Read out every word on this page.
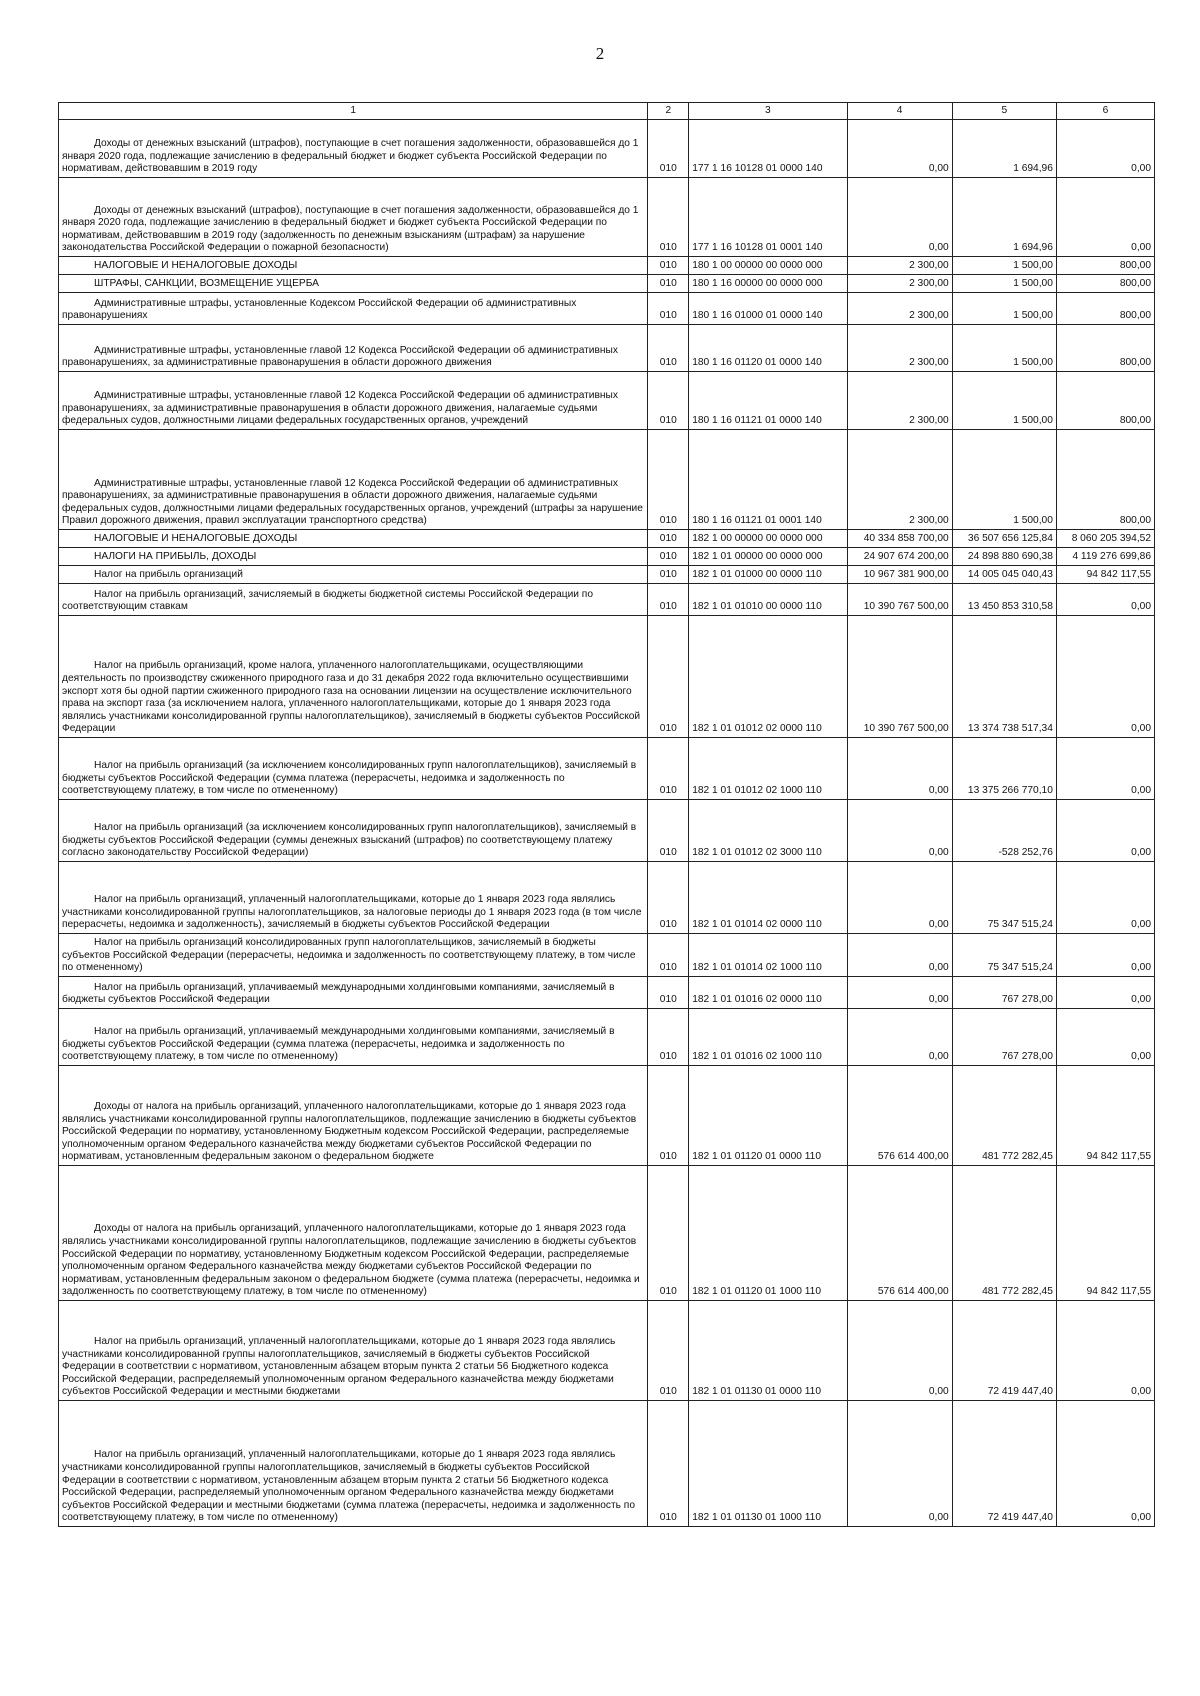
2
1	2	3	4	5	6

Доходы от денежных взысканий (штрафов), поступающие в счет погашения задолженности, образовавшейся до 1 января 2020 года, подлежащие зачислению в федеральный бюджет и бюджет субъекта Российской Федерации по нормативам, действовавшим в 2019 году	010	177 1 16 10128 01 0000 140	0,00	1 694,96	0,00

Доходы от денежных взысканий (штрафов), поступающие в счет погашения задолженности, образовавшейся до 1 января 2020 года, подлежащие зачислению в федеральный бюджет и бюджет субъекта Российской Федерации по нормативам, действовавшим в 2019 году (задолженность по денежным взысканиям (штрафам) за нарушение законодательства Российской Федерации о пожарной безопасности)	010	177 1 16 10128 01 0001 140	0,00	1 694,96	0,00

НАЛОГОВЫЕ И НЕНАЛОГОВЫЕ ДОХОДЫ	010	180 1 00 00000 00 0000 000	2 300,00	1 500,00	800,00

ШТРАФЫ, САНКЦИИ, ВОЗМЕЩЕНИЕ УЩЕРБА	010	180 1 16 00000 00 0000 000	2 300,00	1 500,00	800,00

Административные штрафы, установленные Кодексом Российской Федерации об административных правонарушениях	010	180 1 16 01000 01 0000 140	2 300,00	1 500,00	800,00

Административные штрафы, установленные главой 12 Кодекса Российской Федерации об административных правонарушениях, за административные правонарушения в области дорожного движения	010	180 1 16 01120 01 0000 140	2 300,00	1 500,00	800,00

Административные штрафы, установленные главой 12 Кодекса Российской Федерации об административных правонарушениях, за административные правонарушения в области дорожного движения, налагаемые судьями федеральных судов, должностными лицами федеральных государственных органов, учреждений	010	180 1 16 01121 01 0000 140	2 300,00	1 500,00	800,00

Административные штрафы, установленные главой 12 Кодекса Российской Федерации об административных правонарушениях, за административные правонарушения в области дорожного движения, налагаемые судьями федеральных судов, должностными лицами федеральных государственных органов, учреждений (штрафы за нарушение Правил дорожного движения, правил эксплуатации транспортного средства)	010	180 1 16 01121 01 0001 140	2 300,00	1 500,00	800,00

НАЛОГОВЫЕ И НЕНАЛОГОВЫЕ ДОХОДЫ	010	182 1 00 00000 00 0000 000	40 334 858 700,00	36 507 656 125,84	8 060 205 394,52

НАЛОГИ НА ПРИБЫЛЬ, ДОХОДЫ	010	182 1 01 00000 00 0000 000	24 907 674 200,00	24 898 880 690,38	4 119 276 699,86

Налог на прибыль организаций	010	182 1 01 01000 00 0000 110	10 967 381 900,00	14 005 045 040,43	94 842 117,55

Налог на прибыль организаций, зачисляемый в бюджеты бюджетной системы Российской Федерации по соответствующим ставкам	010	182 1 01 01010 00 0000 110	10 390 767 500,00	13 450 853 310,58	0,00

Налог на прибыль организаций, кроме налога, уплаченного налогоплательщиками, осуществляющими деятельность по производству сжиженного природного газа и до 31 декабря 2022 года включительно осуществившими экспорт хотя бы одной партии сжиженного природного газа на основании лицензии на осуществление исключительного права на экспорт газа (за исключением налога, уплаченного налогоплательщиками, которые до 1 января 2023 года являлись участниками консолидированной группы налогоплательщиков), зачисляемый в бюджеты субъектов Российской Федерации	010	182 1 01 01012 02 0000 110	10 390 767 500,00	13 374 738 517,34	0,00

Налог на прибыль организаций (за исключением консолидированных групп налогоплательщиков), зачисляемый в бюджеты субъектов Российской Федерации (сумма платежа (перерасчеты, недоимка и задолженность по соответствующему платежу, в том числе по отмененному)	010	182 1 01 01012 02 1000 110	0,00	13 375 266 770,10	0,00

Налог на прибыль организаций (за исключением консолидированных групп налогоплательщиков), зачисляемый в бюджеты субъектов Российской Федерации (суммы денежных взысканий (штрафов) по соответствующему платежу согласно законодательству Российской Федерации)	010	182 1 01 01012 02 3000 110	0,00	-528 252,76	0,00

Налог на прибыль организаций, уплаченный налогоплательщиками, которые до 1 января 2023 года являлись участниками консолидированной группы налогоплательщиков, за налоговые периоды до 1 января 2023 года (в том числе перерасчеты, недоимка и задолженность), зачисляемый в бюджеты субъектов Российской Федерации	010	182 1 01 01014 02 0000 110	0,00	75 347 515,24	0,00

Налог на прибыль организаций консолидированных групп налогоплательщиков, зачисляемый в бюджеты субъектов Российской Федерации (перерасчеты, недоимка и задолженность по соответствующему платежу, в том числе по отмененному)	010	182 1 01 01014 02 1000 110	0,00	75 347 515,24	0,00

Налог на прибыль организаций, уплачиваемый международными холдинговыми компаниями, зачисляемый в бюджеты субъектов Российской Федерации	010	182 1 01 01016 02 0000 110	0,00	767 278,00	0,00

Налог на прибыль организаций, уплачиваемый международными холдинговыми компаниями, зачисляемый в бюджеты субъектов Российской Федерации (сумма платежа (перерасчеты, недоимка и задолженность по соответствующему платежу, в том числе по отмененному)	010	182 1 01 01016 02 1000 110	0,00	767 278,00	0,00

Доходы от налога на прибыль организаций, уплаченного налогоплательщиками, которые до 1 января 2023 года являлись участниками консолидированной группы налогоплательщиков, подлежащие зачислению в бюджеты субъектов Российской Федерации по нормативу, установленному Бюджетным кодексом Российской Федерации, распределяемые уполномоченным органом Федерального казначейства между бюджетами субъектов Российской Федерации по нормативам, установленным федеральным законом о федеральном бюджете	010	182 1 01 01120 01 0000 110	576 614 400,00	481 772 282,45	94 842 117,55

Доходы от налога на прибыль организаций, уплаченного налогоплательщиками, которые до 1 января 2023 года являлись участниками консолидированной группы налогоплательщиков, подлежащие зачислению в бюджеты субъектов Российской Федерации по нормативу, установленному Бюджетным кодексом Российской Федерации, распределяемые уполномоченным органом Федерального казначейства между бюджетами субъектов Российской Федерации по нормативам, установленным федеральным законом о федеральном бюджете (сумма платежа (перерасчеты, недоимка и задолженность по соответствующему платежу, в том числе по отмененному)	010	182 1 01 01120 01 1000 110	576 614 400,00	481 772 282,45	94 842 117,55

Налог на прибыль организаций, уплаченный налогоплательщиками, которые до 1 января 2023 года являлись участниками консолидированной группы налогоплательщиков, зачисляемый в бюджеты субъектов Российской Федерации в соответствии с нормативом, установленным абзацем вторым пункта 2 статьи 56 Бюджетного кодекса Российской Федерации, распределяемый уполномоченным органом Федерального казначейства между бюджетами субъектов Российской Федерации и местными бюджетами	010	182 1 01 01130 01 0000 110	0,00	72 419 447,40	0,00

Налог на прибыль организаций, уплаченный налогоплательщиками, которые до 1 января 2023 года являлись участниками консолидированной группы налогоплательщиков, зачисляемый в бюджеты субъектов Российской Федерации в соответствии с нормативом, установленным абзацем вторым пункта 2 статьи 56 Бюджетного кодекса Российской Федерации, распределяемый уполномоченным органом Федерального казначейства между бюджетами субъектов Российской Федерации и местными бюджетами (сумма платежа (перерасчеты, недоимка и задолженность по соответствующему платежу, в том числе по отмененному)	010	182 1 01 01130 01 1000 110	0,00	72 419 447,40	0,00
